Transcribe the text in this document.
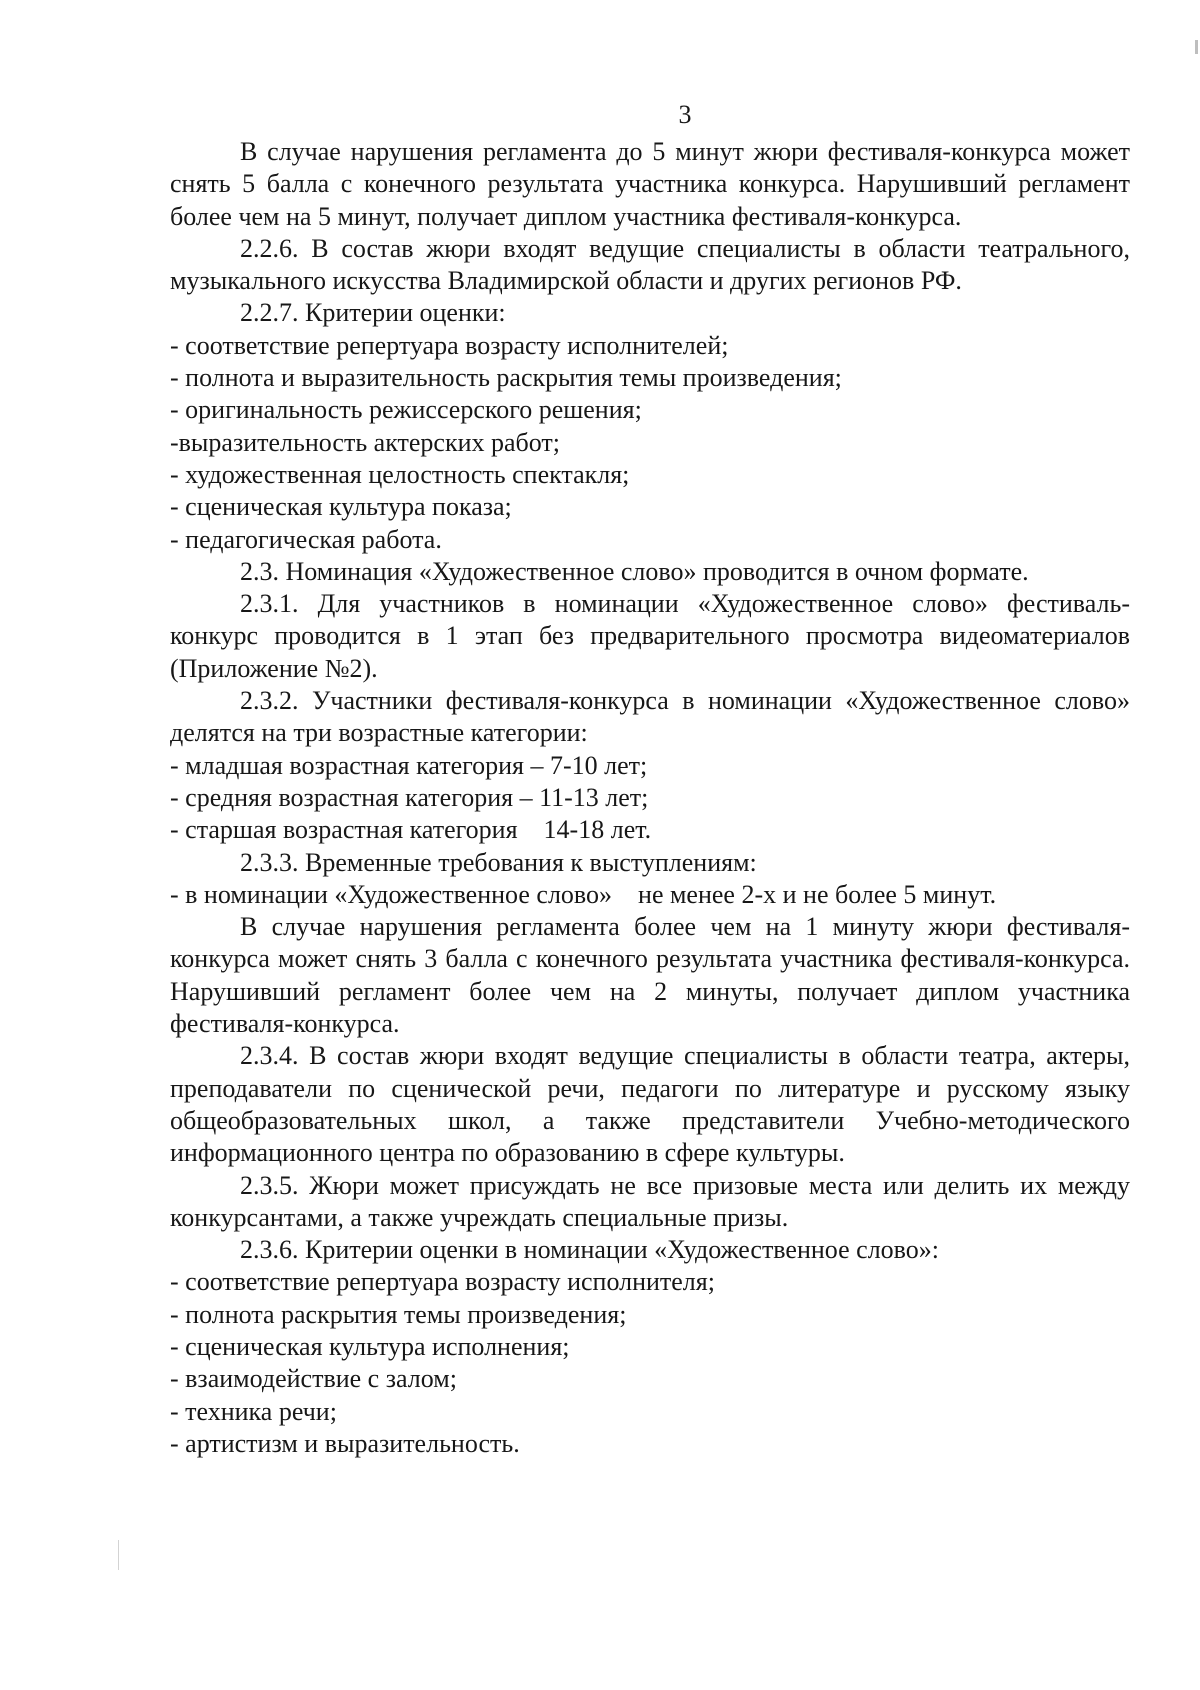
3

В случае нарушения регламента до 5 минут жюри фестиваля-конкурса может снять 5 балла с конечного результата участника конкурса. Нарушивший регламент более чем на 5 минут, получает диплом участника фестиваля-конкурса.

2.2.6. В состав жюри входят ведущие специалисты в области театрального, музыкального искусства Владимирской области и других регионов РФ.

2.2.7. Критерии оценки:

- соответствие репертуара возрасту исполнителей;

- полнота и выразительность раскрытия темы произведения;

- оригинальность режиссерского решения;

-выразительность актерских работ;

- художественная целостность спектакля;

- сценическая культура показа;

- педагогическая работа.

2.3. Номинация «Художественное слово» проводится в очном формате.

2.3.1. Для участников в номинации «Художественное слово» фестиваль-конкурс проводится в 1 этап без предварительного просмотра видеоматериалов (Приложение №2).

2.3.2. Участники фестиваля-конкурса в номинации «Художественное слово» делятся на три возрастные категории:

- младшая возрастная категория – 7-10 лет;

- средняя возрастная категория – 11-13 лет;

- старшая возрастная категория    14-18 лет.

2.3.3. Временные требования к выступлениям:

- в номинации «Художественное слово»    не менее 2-х и не более 5 минут.

В случае нарушения регламента более чем на 1 минуту жюри фестиваля-конкурса может снять 3 балла с конечного результата участника фестиваля-конкурса. Нарушивший регламент более чем на 2 минуты, получает диплом участника фестиваля-конкурса.

2.3.4. В состав жюри входят ведущие специалисты в области театра, актеры, преподаватели по сценической речи, педагоги по литературе и русскому языку общеобразовательных школ, а также представители Учебно-методического информационного центра по образованию в сфере культуры.

2.3.5. Жюри может присуждать не все призовые места или делить их между конкурсантами, а также учреждать специальные призы.

2.3.6. Критерии оценки в номинации «Художественное слово»:

- соответствие репертуара возрасту исполнителя;

- полнота раскрытия темы произведения;

- сценическая культура исполнения;

- взаимодействие с залом;

- техника речи;

- артистизм и выразительность.
